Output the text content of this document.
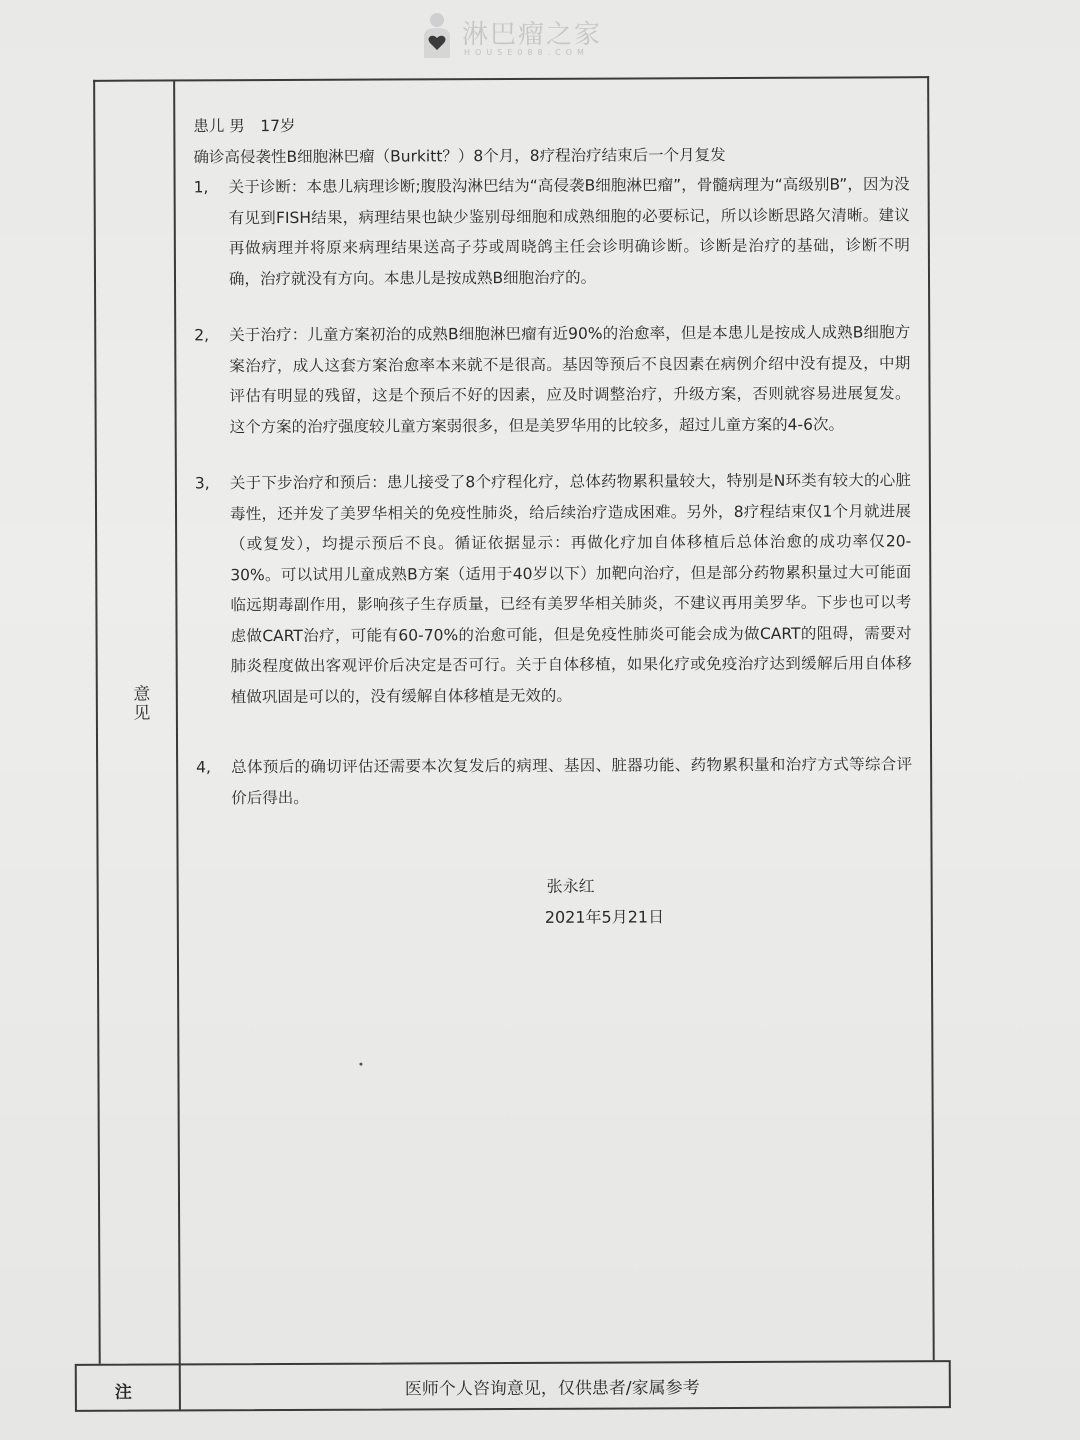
淋巴瘤之家
HOUSE088.COM
意见
注	医师个人咨询意见，仅供患者/家属参考

患儿 男　17岁

确诊高侵袭性B细胞淋巴瘤（Burkitt？）8个月，8疗程治疗结束后一个月复发

1,	关于诊断：本患儿病理诊断;腹股沟淋巴结为“高侵袭B细胞淋巴瘤”，骨髓病理为“高级别B”，因为没有见到FISH结果，病理结果也缺少鉴别母细胞和成熟细胞的必要标记，所以诊断思路欠清晰。建议再做病理并将原来病理结果送高子芬或周晓鸽主任会诊明确诊断。诊断是治疗的基础，诊断不明确，治疗就没有方向。本患儿是按成熟B细胞治疗的。
2,	关于治疗：儿童方案初治的成熟B细胞淋巴瘤有近90%的治愈率，但是本患儿是按成人成熟B细胞方案治疗，成人这套方案治愈率本来就不是很高。基因等预后不良因素在病例介绍中没有提及，中期评估有明显的残留，这是个预后不好的因素，应及时调整治疗，升级方案，否则就容易进展复发。这个方案的治疗强度较儿童方案弱很多，但是美罗华用的比较多，超过儿童方案的4-6次。
3,	关于下步治疗和预后：患儿接受了8个疗程化疗，总体药物累积量较大，特别是N环类有较大的心脏毒性，还并发了美罗华相关的免疫性肺炎，给后续治疗造成困难。另外，8疗程结束仅1个月就进展（或复发），均提示预后不良。循证依据显示：再做化疗加自体移植后总体治愈的成功率仅20-30%。可以试用儿童成熟B方案（适用于40岁以下）加靶向治疗，但是部分药物累积量过大可能面临远期毒副作用，影响孩子生存质量，已经有美罗华相关肺炎，不建议再用美罗华。下步也可以考虑做CART治疗，可能有60-70%的治愈可能，但是免疫性肺炎可能会成为做CART的阻碍，需要对肺炎程度做出客观评价后决定是否可行。关于自体移植，如果化疗或免疫治疗达到缓解后用自体移植做巩固是可以的，没有缓解自体移植是无效的。
4,	总体预后的确切评估还需要本次复发后的病理、基因、脏器功能、药物累积量和治疗方式等综合评价后得出。
张永红
2021年5月21日
